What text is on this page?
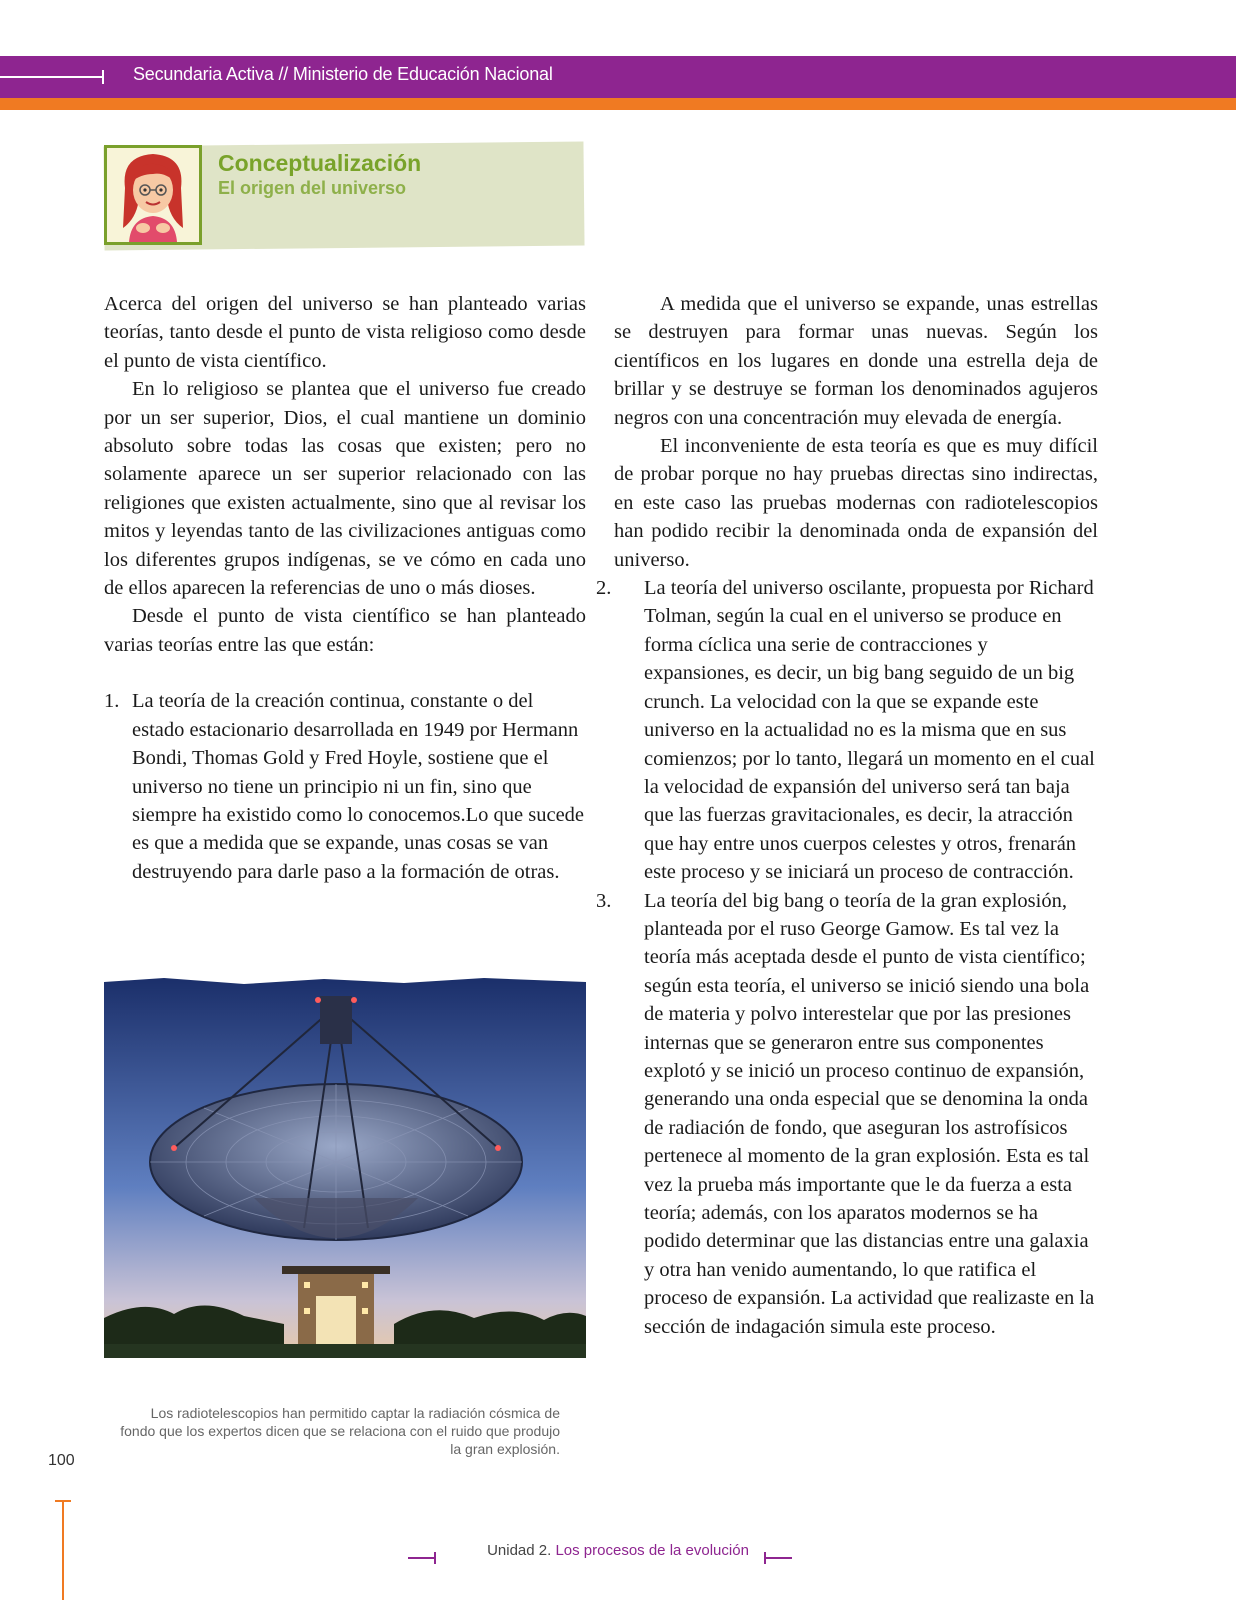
Secundaria Activa // Ministerio de Educación Nacional
Conceptualización
El origen del universo

Acerca del origen del universo se han planteado varias teorías, tanto desde el punto de vista religioso como desde el punto de vista científico.

En lo religioso se plantea que el universo fue creado por un ser superior, Dios, el cual mantiene un dominio absoluto sobre todas las cosas que existen; pero no solamente aparece un ser superior relacionado con las religiones que existen actualmente, sino que al revisar los mitos y leyendas tanto de las civilizaciones antiguas como los diferentes grupos indígenas, se ve cómo en cada uno de ellos aparecen la referencias de uno o más dioses.

Desde el punto de vista científico se han planteado varias teorías entre las que están:

1. La teoría de la creación continua, constante o del estado estacionario desarrollada en 1949 por Hermann Bondi, Thomas Gold y Fred Hoyle, sostiene que el universo no tiene un principio ni un fin, sino que siempre ha existido como lo conocemos.Lo que sucede es que a medida que se expande, unas cosas se van destruyendo para darle paso a la formación de otras.
Los radiotelescopios han permitido captar la radiación cósmica de fondo que los expertos dicen que se relaciona con el ruido que produjo la gran explosión.

A medida que el universo se expande, unas estrellas se destruyen para formar unas nuevas. Según los científicos en los lugares en donde una estrella deja de brillar y se destruye se forman los denominados agujeros negros con una concentración muy elevada de energía.

El inconveniente de esta teoría es que es muy difícil de probar porque no hay pruebas directas sino indirectas, en este caso las pruebas modernas con radiotelescopios han podido recibir la denominada onda de expansión del universo.

2. La teoría del universo oscilante, propuesta por Richard Tolman, según la cual en el universo se produce en forma cíclica una serie de contracciones y expansiones, es decir, un big bang seguido de un big crunch. La velocidad con la que se expande este universo en la actualidad no es la misma que en sus comienzos; por lo tanto, llegará un momento en el cual la velocidad de expansión del universo será tan baja que las fuerzas gravitacionales, es decir, la atracción que hay entre unos cuerpos celestes y otros, frenarán este proceso y se iniciará un proceso de contracción.
3. La teoría del big bang o teoría de la gran explosión, planteada por el ruso George Gamow. Es tal vez la teoría más aceptada desde el punto de vista científico; según esta teoría, el universo se inició siendo una bola de materia y polvo interestelar que por las presiones internas que se generaron entre sus componentes explotó y se inició un proceso continuo de expansión, generando una onda especial que se denomina la onda de radiación de fondo, que aseguran los astrofísicos pertenece al momento de la gran explosión. Esta es tal vez la prueba más importante que le da fuerza a esta teoría; además, con los aparatos modernos se ha podido determinar que las distancias entre una galaxia y otra han venido aumentando, lo que ratifica el proceso de expansión. La actividad que realizaste en la sección de indagación simula este proceso.
100
Unidad 2. Los procesos de la evolución
